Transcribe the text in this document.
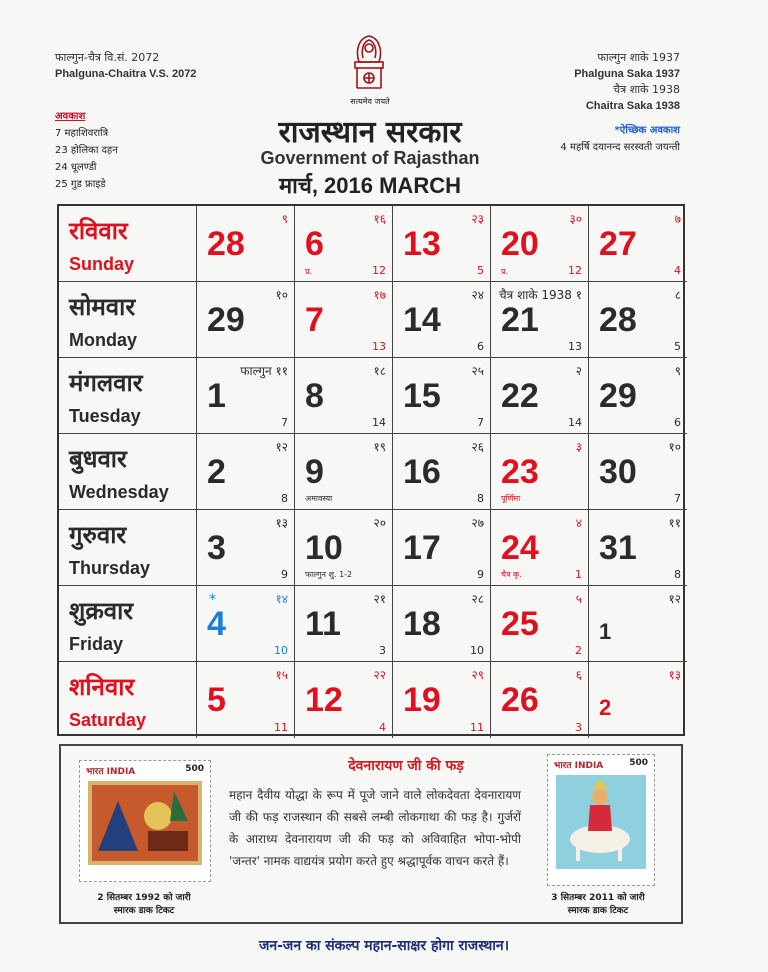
फाल्गुन-चैत्र वि.सं. 2072
Phalguna-Chaitra V.S. 2072
फाल्गुन शाके 1937
Phalguna Saka 1937
चैत्र शाके 1938
Chaitra Saka 1938
अवकाश
7 महाशिवरात्रि
23 होलिका दहन
24 धूलण्डी
25 गुड फ्राइडे
*ऐच्छिक अवकाश
4 महर्षि दयानन्द सरस्वती जयन्ती
सत्यमेव जयते
राजस्थान सरकार
Government of Rajasthan
मार्च, 2016 MARCH
रविवार
Sunday
28
९
6
१६
12
प्र.
13
२३
5
20
३०
12
प्र.
27
७
4
सोमवार
Monday
29
१०
7
१७
13
14
२४
6
21
चैत्र शाके 1938 १
13
28
८
5
मंगलवार
Tuesday
1
फाल्गुन ११
7
8
१८
14
15
२५
7
22
२
14
29
९
6
बुधवार
Wednesday
2
१२
8
9
१९
अमावस्या
16
२६
8
23
३
पूर्णिमा
30
१०
7
गुरुवार
Thursday
3
१३
9
10
२०
फाल्गुन शु. 1-2
17
२७
9
24
४
1
चैत्र कृ.
31
११
8
शुक्रवार
Friday
4
१४
10
*
11
२१
3
18
२८
10
25
५
2
1
१२
शनिवार
Saturday
5
१५
11
12
२२
4
19
२९
11
26
६
3
2
१३
भारत INDIA	500
2 सितम्बर 1992 को जारी
स्मारक डाक टिकट
देवनारायण जी की फड़
महान दैवीय योद्धा के रूप में पूजे जाने वाले लोकदेवता देवनारायण जी की फड़ राजस्थान की सबसे लम्बी लोकगाथा की फड़ है। गुर्जरों के आराध्य देवनारायण जी की फड़ को अविवाहित भोपा-भोपी 'जन्तर' नामक वाद्ययंत्र प्रयोग करते हुए श्रद्धापूर्वक वाचन करते हैं।
भारत INDIA	500
3 सितम्बर 2011 को जारी
स्मारक डाक टिकट
जन-जन का संकल्प महान-साक्षर होगा राजस्थान।
